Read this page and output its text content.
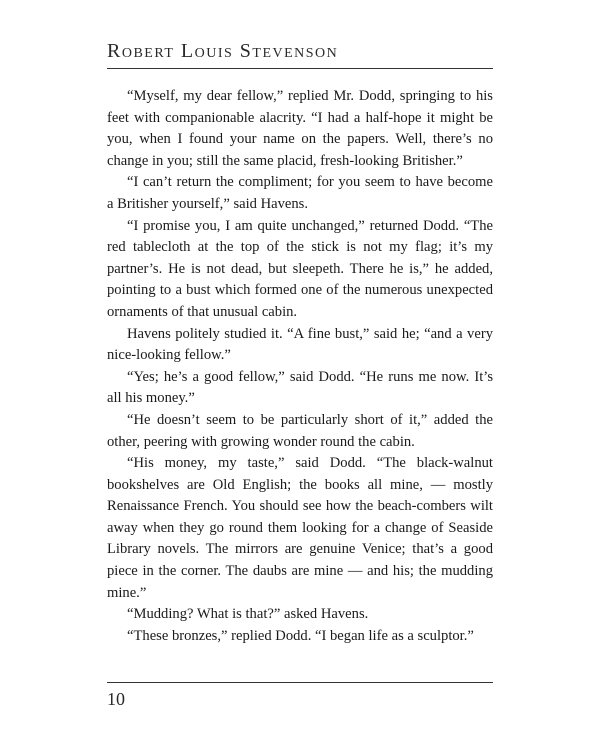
Robert Louis Stevenson

“Myself, my dear fellow,” replied Mr. Dodd, springing to his feet with companionable alacrity. “I had a half-hope it might be you, when I found your name on the papers. Well, there’s no change in you; still the same placid, fresh-looking Britisher.”

“I can’t return the compliment; for you seem to have become a Britisher yourself,” said Havens.

“I promise you, I am quite unchanged,” returned Dodd. “The red tablecloth at the top of the stick is not my flag; it’s my partner’s. He is not dead, but sleepeth. There he is,” he added, pointing to a bust which formed one of the numerous unexpected ornaments of that unusual cabin.

Havens politely studied it. “A fine bust,” said he; “and a very nice-looking fellow.”

“Yes; he’s a good fellow,” said Dodd. “He runs me now. It’s all his money.”

“He doesn’t seem to be particularly short of it,” added the other, peering with growing wonder round the cabin.

“His money, my taste,” said Dodd. “The black-walnut bookshelves are Old English; the books all mine, — mostly Renaissance French. You should see how the beach-combers wilt away when they go round them looking for a change of Seaside Library novels. The mirrors are genuine Venice; that’s a good piece in the corner. The daubs are mine — and his; the mudding mine.”

“Mudding? What is that?” asked Havens.

“These bronzes,” replied Dodd. “I began life as a sculptor.”

10
